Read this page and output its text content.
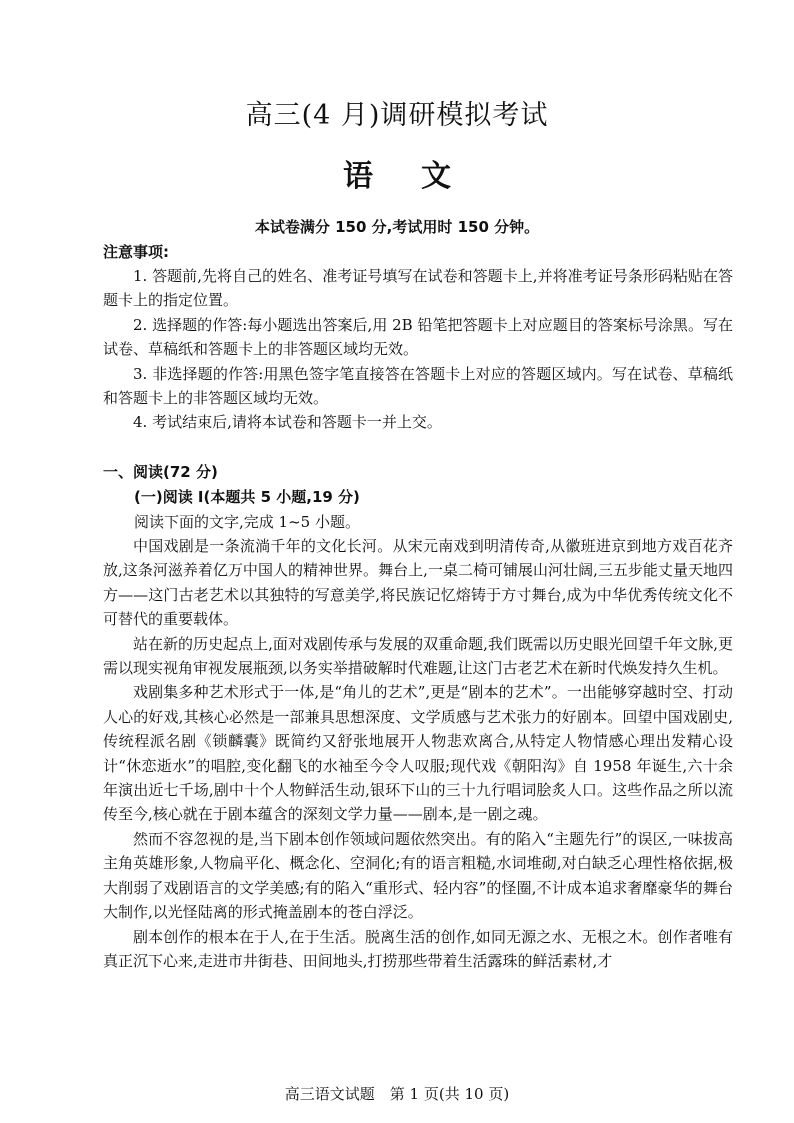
高三(4 月)调研模拟考试
语 文
本试卷满分 150 分,考试用时 150 分钟。
注意事项:

1. 答题前,先将自己的姓名、准考证号填写在试卷和答题卡上,并将准考证号条形码粘贴在答题卡上的指定位置。

2. 选择题的作答:每小题选出答案后,用 2B 铅笔把答题卡上对应题目的答案标号涂黑。写在试卷、草稿纸和答题卡上的非答题区域均无效。

3. 非选择题的作答:用黑色签字笔直接答在答题卡上对应的答题区域内。写在试卷、草稿纸和答题卡上的非答题区域均无效。

4. 考试结束后,请将本试卷和答题卡一并上交。

一、阅读(72 分)
(一)阅读 Ⅰ(本题共 5 小题,19 分)
阅读下面的文字,完成 1~5 小题。

中国戏剧是一条流淌千年的文化长河。从宋元南戏到明清传奇,从徽班进京到地方戏百花齐放,这条河滋养着亿万中国人的精神世界。舞台上,一桌二椅可铺展山河壮阔,三五步能丈量天地四方——这门古老艺术以其独特的写意美学,将民族记忆熔铸于方寸舞台,成为中华优秀传统文化不可替代的重要载体。

站在新的历史起点上,面对戏剧传承与发展的双重命题,我们既需以历史眼光回望千年文脉,更需以现实视角审视发展瓶颈,以务实举措破解时代难题,让这门古老艺术在新时代焕发持久生机。

戏剧集多种艺术形式于一体,是“角儿的艺术”,更是“剧本的艺术”。一出能够穿越时空、打动人心的好戏,其核心必然是一部兼具思想深度、文学质感与艺术张力的好剧本。回望中国戏剧史,传统程派名剧《锁麟囊》既简约又舒张地展开人物悲欢离合,从特定人物情感心理出发精心设计“休恋逝水”的唱腔,变化翻飞的水袖至今令人叹服;现代戏《朝阳沟》自 1958 年诞生,六十余年演出近七千场,剧中十个人物鲜活生动,银环下山的三十九行唱词脍炙人口。这些作品之所以流传至今,核心就在于剧本蕴含的深刻文学力量——剧本,是一剧之魂。

然而不容忽视的是,当下剧本创作领域问题依然突出。有的陷入“主题先行”的误区,一味拔高主角英雄形象,人物扁平化、概念化、空洞化;有的语言粗糙,水词堆砌,对白缺乏心理性格依据,极大削弱了戏剧语言的文学美感;有的陷入“重形式、轻内容”的怪圈,不计成本追求奢靡豪华的舞台大制作,以光怪陆离的形式掩盖剧本的苍白浮泛。

剧本创作的根本在于人,在于生活。脱离生活的创作,如同无源之水、无根之木。创作者唯有真正沉下心来,走进市井街巷、田间地头,打捞那些带着生活露珠的鲜活素材,才

高三语文试题　第 1 页(共 10 页)
